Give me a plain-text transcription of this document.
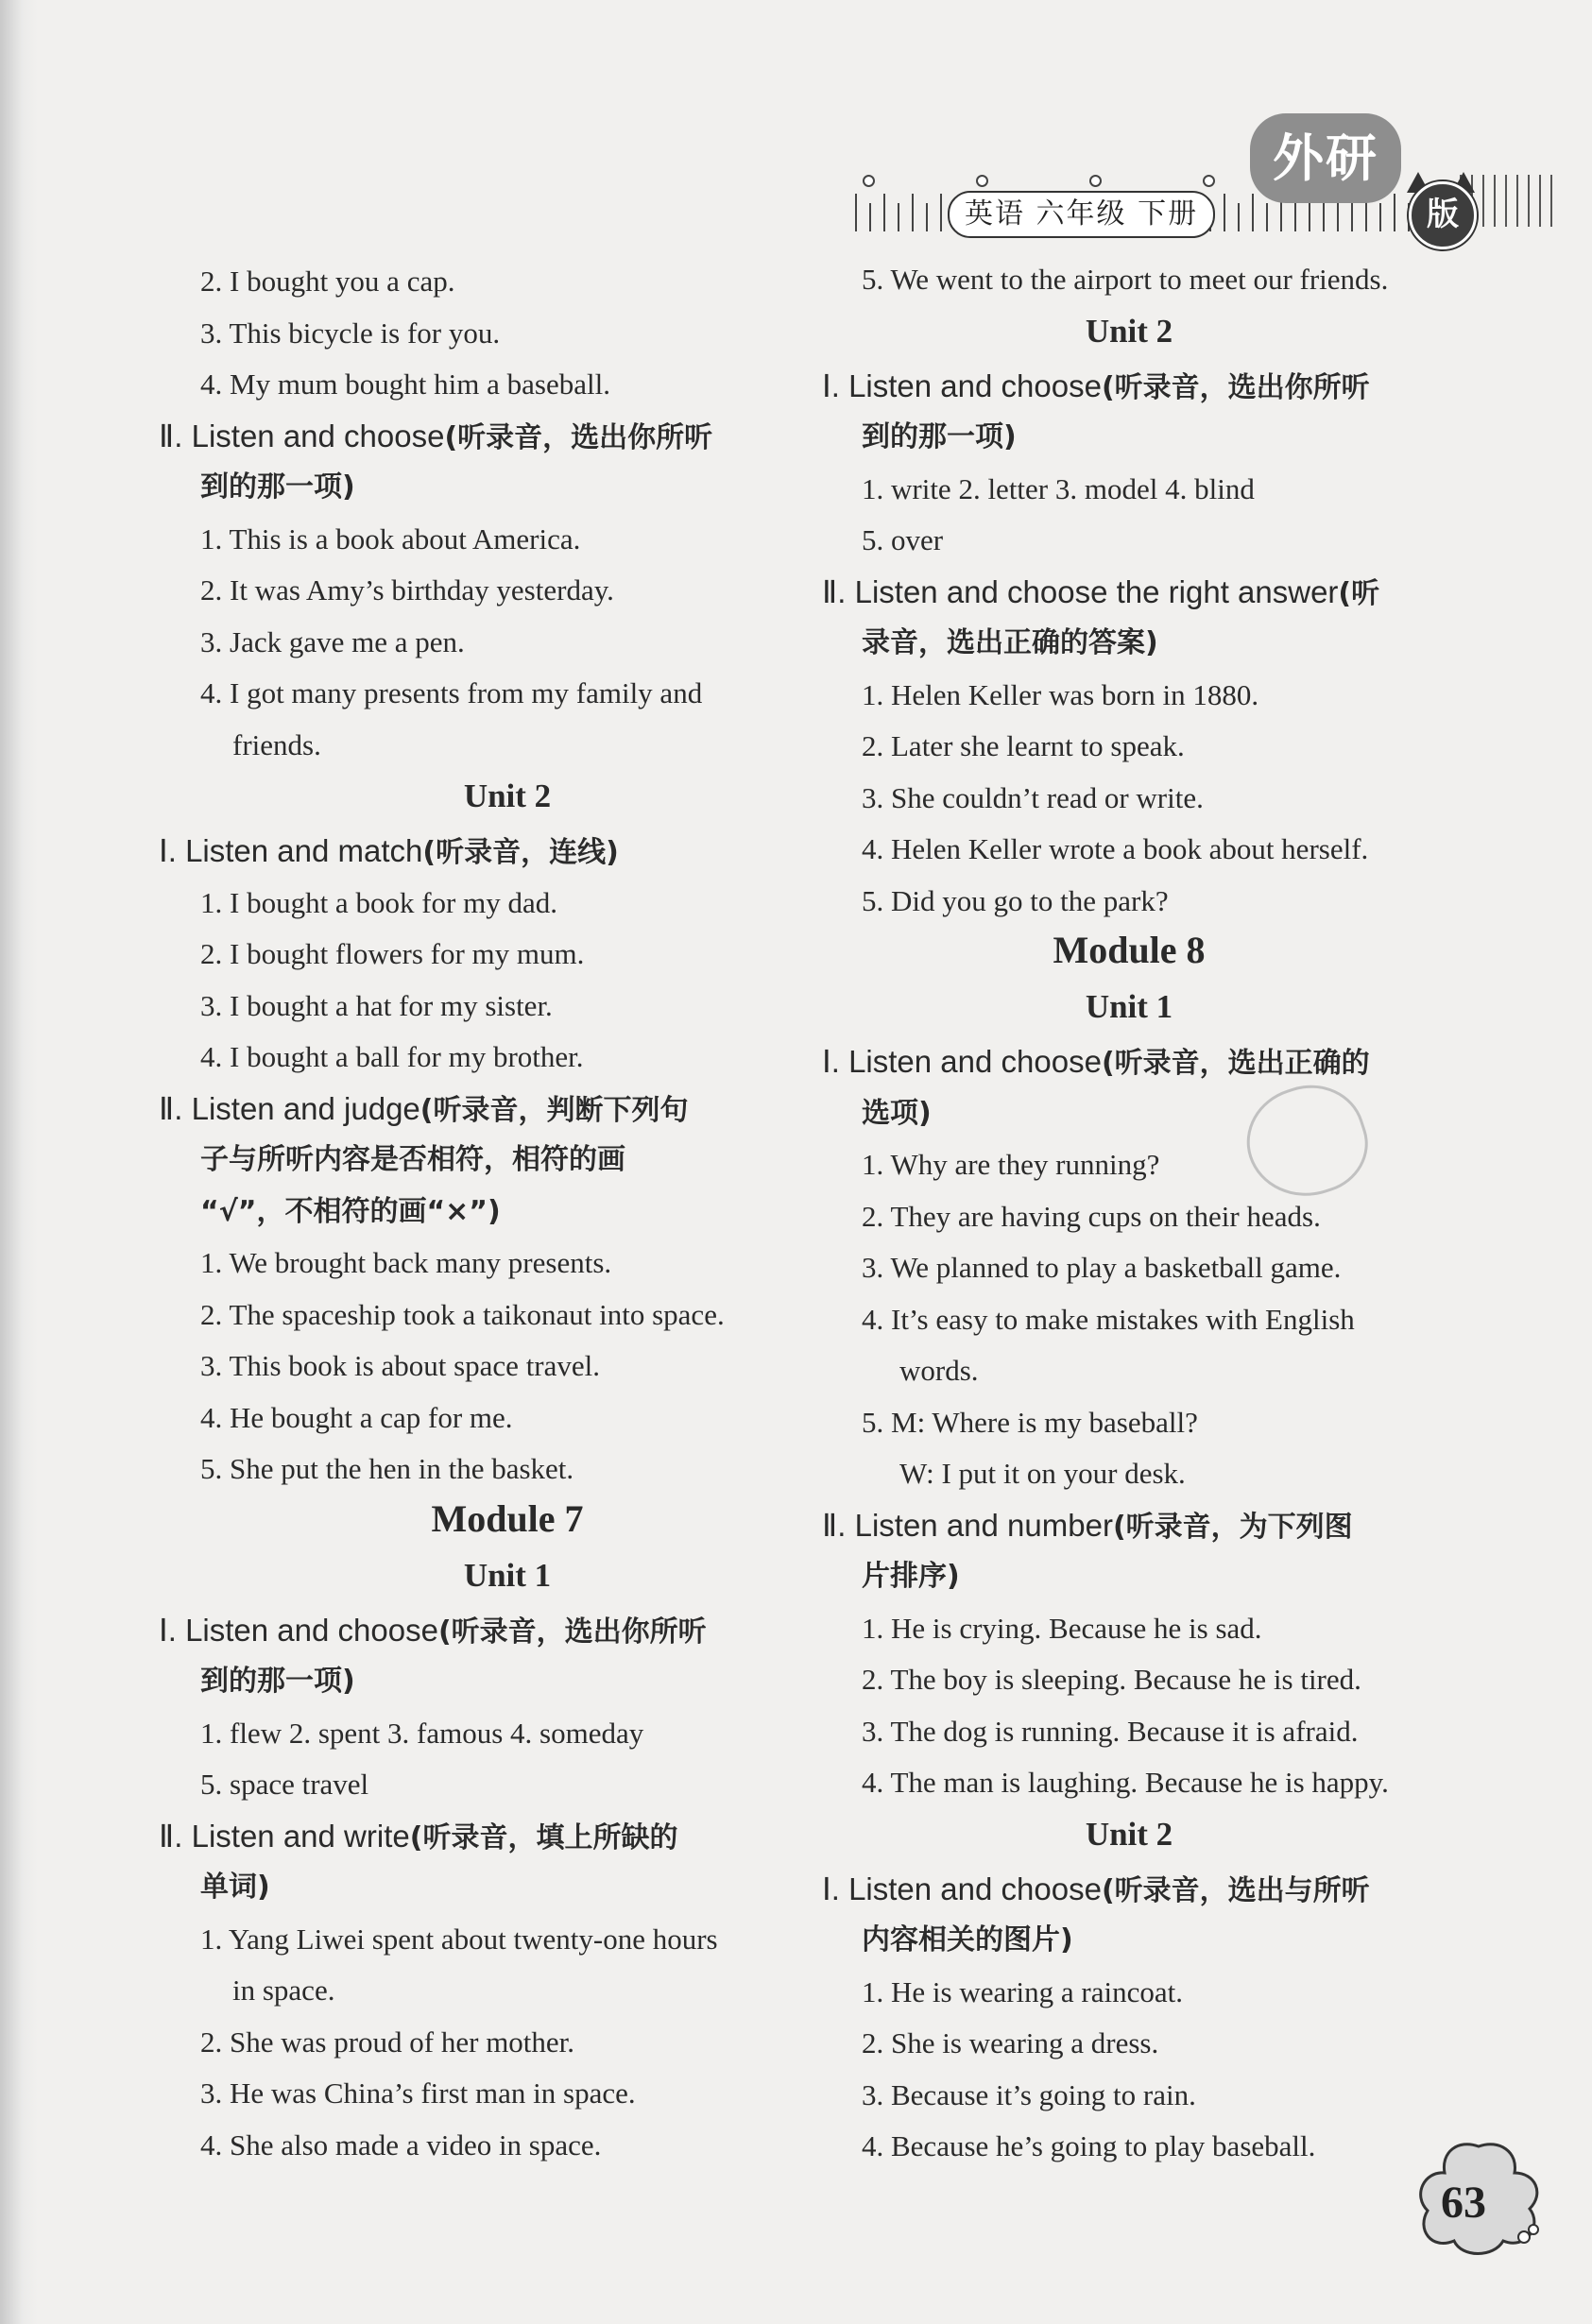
英语 六年级 下册
外研
版
2. I bought you a cap.
3. This bicycle is for you.
4. My mum bought him a baseball.
Ⅱ. Listen and choose(听录音，选出你所听
到的那一项)
1. This is a book about America.
2. It was Amy’s birthday yesterday.
3. Jack gave me a pen.
4. I got many presents from my family and
friends.
Unit 2
Ⅰ. Listen and match(听录音，连线)
1. I bought a book for my dad.
2. I bought flowers for my mum.
3. I bought a hat for my sister.
4. I bought a ball for my brother.
Ⅱ. Listen and judge(听录音，判断下列句
子与所听内容是否相符，相符的画
“√”，不相符的画“×”)
1. We brought back many presents.
2. The spaceship took a taikonaut into space.
3. This book is about space travel.
4. He bought a cap for me.
5. She put the hen in the basket.
Module 7
Unit 1
Ⅰ. Listen and choose(听录音，选出你所听
到的那一项)
1. flew 2. spent 3. famous 4. someday
5. space travel
Ⅱ. Listen and write(听录音，填上所缺的
单词)
1. Yang Liwei spent about twenty-one hours
in space.
2. She was proud of her mother.
3. He was China’s first man in space.
4. She also made a video in space.
5. We went to the airport to meet our friends.
Unit 2
Ⅰ. Listen and choose(听录音，选出你所听
到的那一项)
1. write 2. letter 3. model 4. blind
5. over
Ⅱ. Listen and choose the right answer(听
录音，选出正确的答案)
1. Helen Keller was born in 1880.
2. Later she learnt to speak.
3. She couldn’t read or write.
4. Helen Keller wrote a book about herself.
5. Did you go to the park?
Module 8
Unit 1
Ⅰ. Listen and choose(听录音，选出正确的
选项)
1. Why are they running?
2. They are having cups on their heads.
3. We planned to play a basketball game.
4. It’s easy to make mistakes with English
words.
5. M: Where is my baseball?
W: I put it on your desk.
Ⅱ. Listen and number(听录音，为下列图
片排序)
1. He is crying. Because he is sad.
2. The boy is sleeping. Because he is tired.
3. The dog is running. Because it is afraid.
4. The man is laughing. Because he is happy.
Unit 2
Ⅰ. Listen and choose(听录音，选出与所听
内容相关的图片)
1. He is wearing a raincoat.
2. She is wearing a dress.
3. Because it’s going to rain.
4. Because he’s going to play baseball.
63
